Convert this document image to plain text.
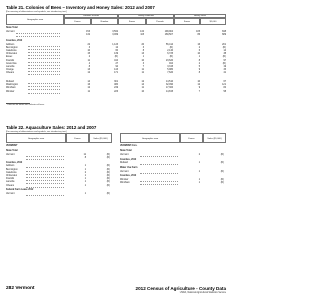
Table 21. Colonies of Bees – Inventory and Honey Sales: 2012 and 2007
[For meaning of abbreviations and symbols, see introductory text.]
Geographic area
Colonies of bees	Honey collected	Honey sales
Farms	Number	Farms	Pounds	Farms	$1,000
State Total
Vermont	153	3,562	134	199,904	105	848
132	3,069	115	169,507	86	689
Counties, 2012
Addison	22	1,123	20	56,414	16	201
Bennington	3	12	3	(D)	2	(D)
Caledonia	10	60	8	2,140	6	14
Chittenden	15	139	13	6,725	10	38
Essex	2	(D)	1	(D)	1	(D)
Franklin	11	410	10	23,620	8	97
Grand Isle	4	27	3	910	2	(D)
Lamoille	8	94	7	3,315	5	19
Orange	13	143	11	5,980	9	33
Orleans	12	171	11	7,620	8	41
Rutland	14	301	12	14,510	10	67
Washington	16	480	14	32,090	12	121
Windham	12	249	11	17,300	9	84
Windsor	11	226	10	14,815	7	58
* Data are for farms with colonies of bees.
Table 22. Aquaculture Sales: 2012 and 2007
[For meaning of abbreviations and symbols, see introductory text.]
Geographic area	Farms	Sales ($1,000)	Geographic area	Farms	Sales ($1,000)
VERMONT
State Total
Vermont	11	(D)
8	(D)
Counties, 2012
Addison	1	(D)
Bennington	1	(D)
Caledonia	2	(D)
Chittenden	1	(D)
Franklin	1	(D)
Lamoille	1	(D)
Orleans	1	(D)
Federal Farm Lease 2012
Vermont	1	(D)
VERMONT-Con.
State Total
Vermont	2	(D)
Counties, 2012
Rutland	1	(D)
Water Use Farm
Vermont	1	(D)
Counties, 2012
Windsor	1	(D)
Windham	1	(D)
282 Vermont	2012 Census of Agriculture - County Data
USDA, National Agricultural Statistics Service
